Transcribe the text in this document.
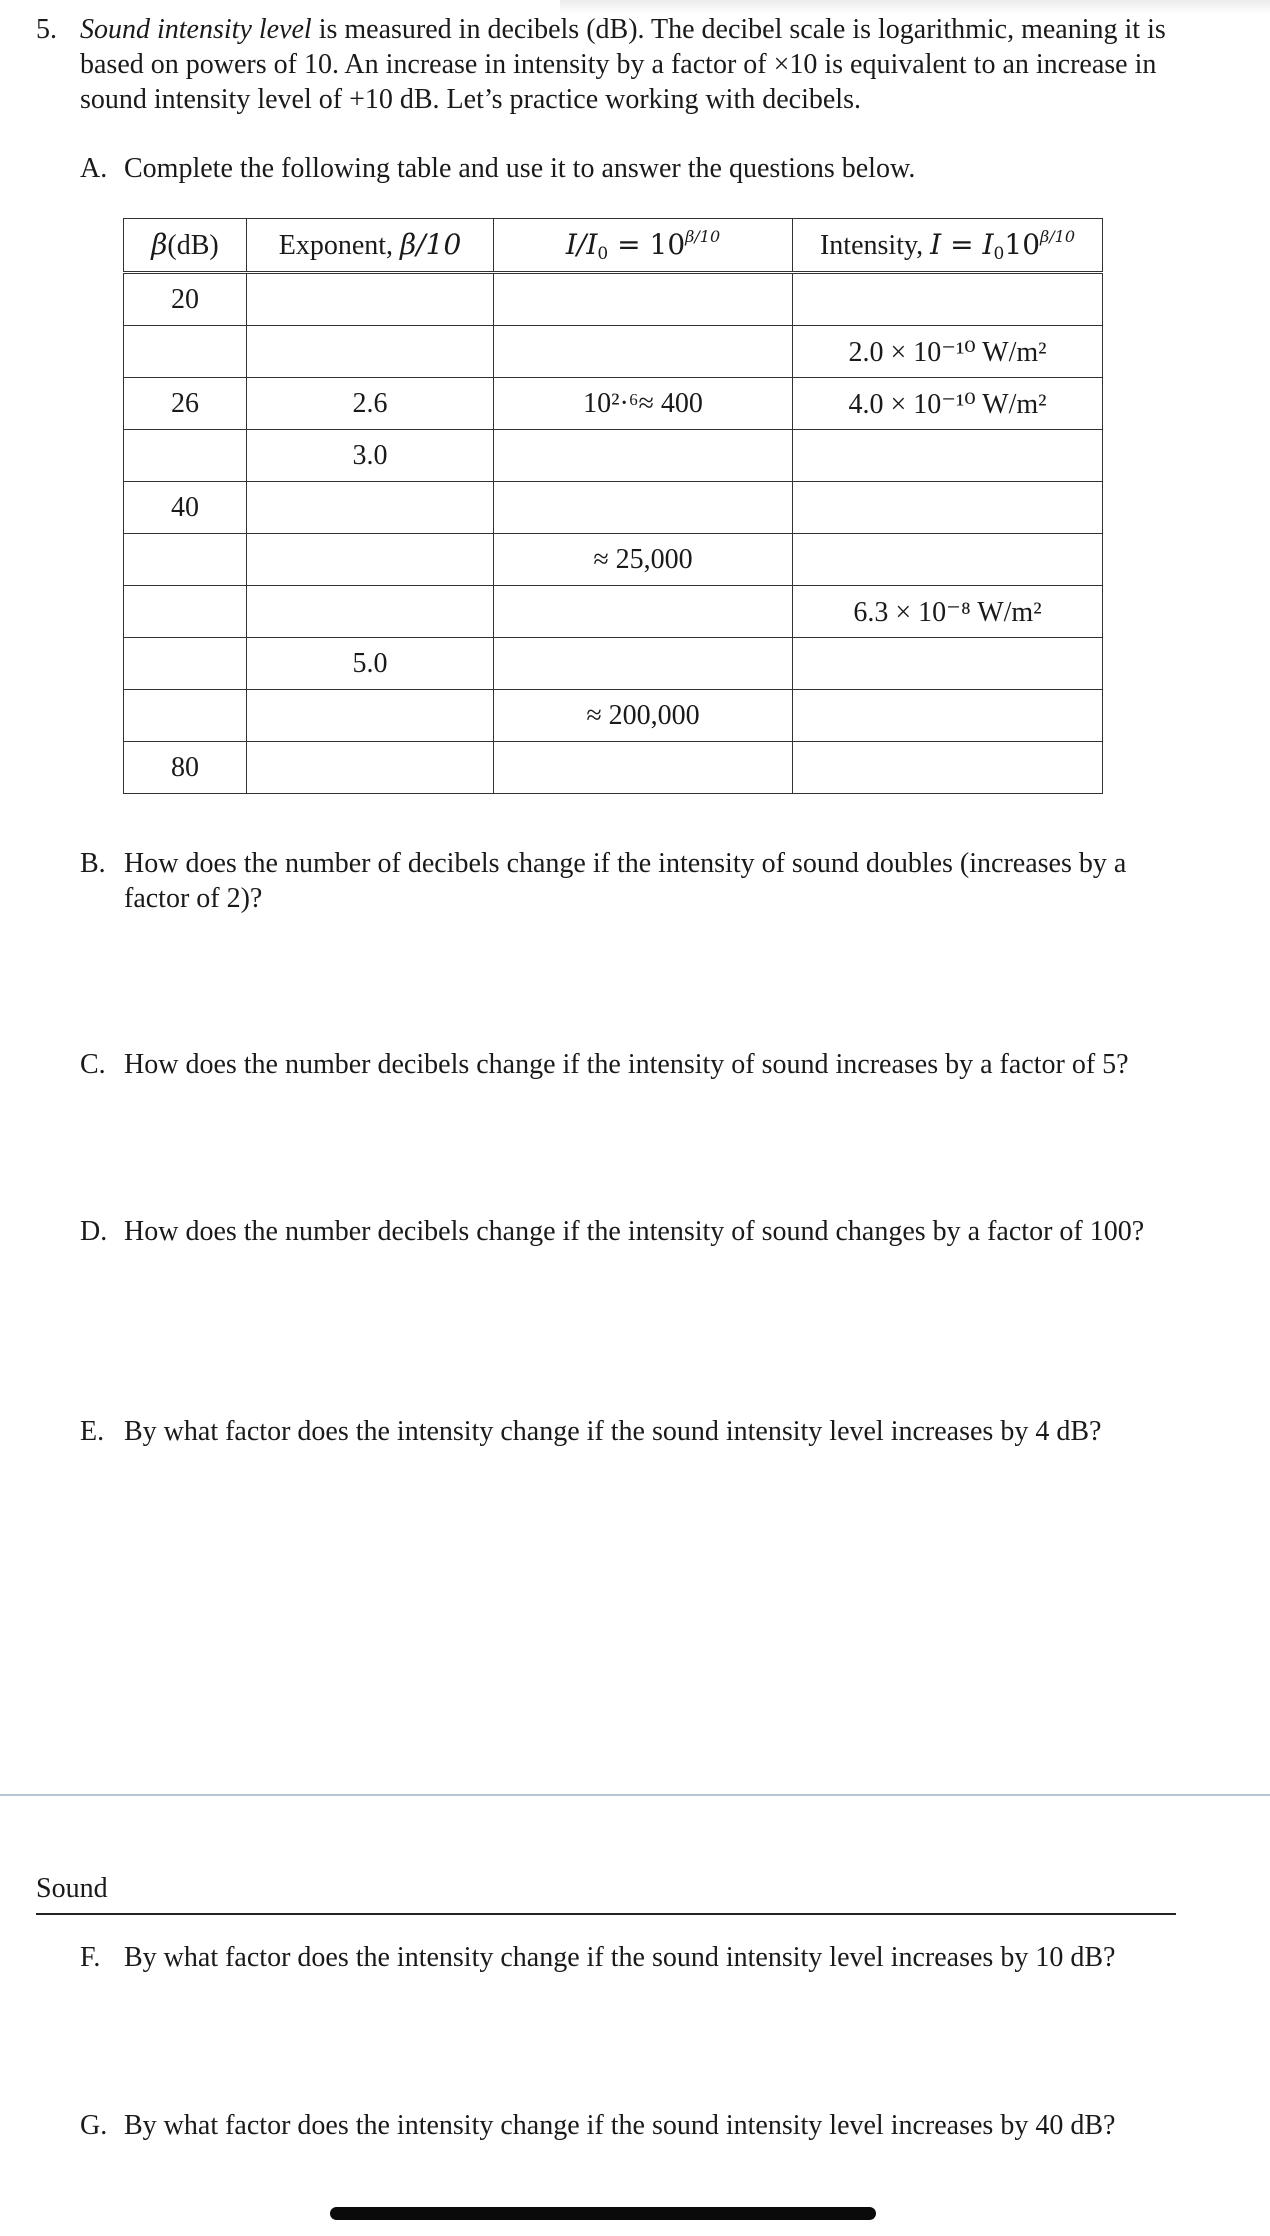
5. Sound intensity level is measured in decibels (dB). The decibel scale is logarithmic, meaning it is based on powers of 10. An increase in intensity by a factor of ×10 is equivalent to an increase in sound intensity level of +10 dB. Let’s practice working with decibels.
A. Complete the following table and use it to answer the questions below.
β(dB)	Exponent, β/10	$I/I_0 = 10^{\beta/10}$	Intensity, $I = I_010^{\beta/10}$
20			
			2.0 × 10⁻¹⁰ W/m²
26	2.6	10²·⁶≈ 400	4.0 × 10⁻¹⁰ W/m²
	3.0		
40			
		≈ 25,000	
			6.3 × 10⁻⁸ W/m²
	5.0		
		≈ 200,000	
80			
B. How does the number of decibels change if the intensity of sound doubles (increases by a factor of 2)?
C. How does the number decibels change if the intensity of sound increases by a factor of 5?
D. How does the number decibels change if the intensity of sound changes by a factor of 100?
E. By what factor does the intensity change if the sound intensity level increases by 4 dB?
Sound
F. By what factor does the intensity change if the sound intensity level increases by 10 dB?
G. By what factor does the intensity change if the sound intensity level increases by 40 dB?
